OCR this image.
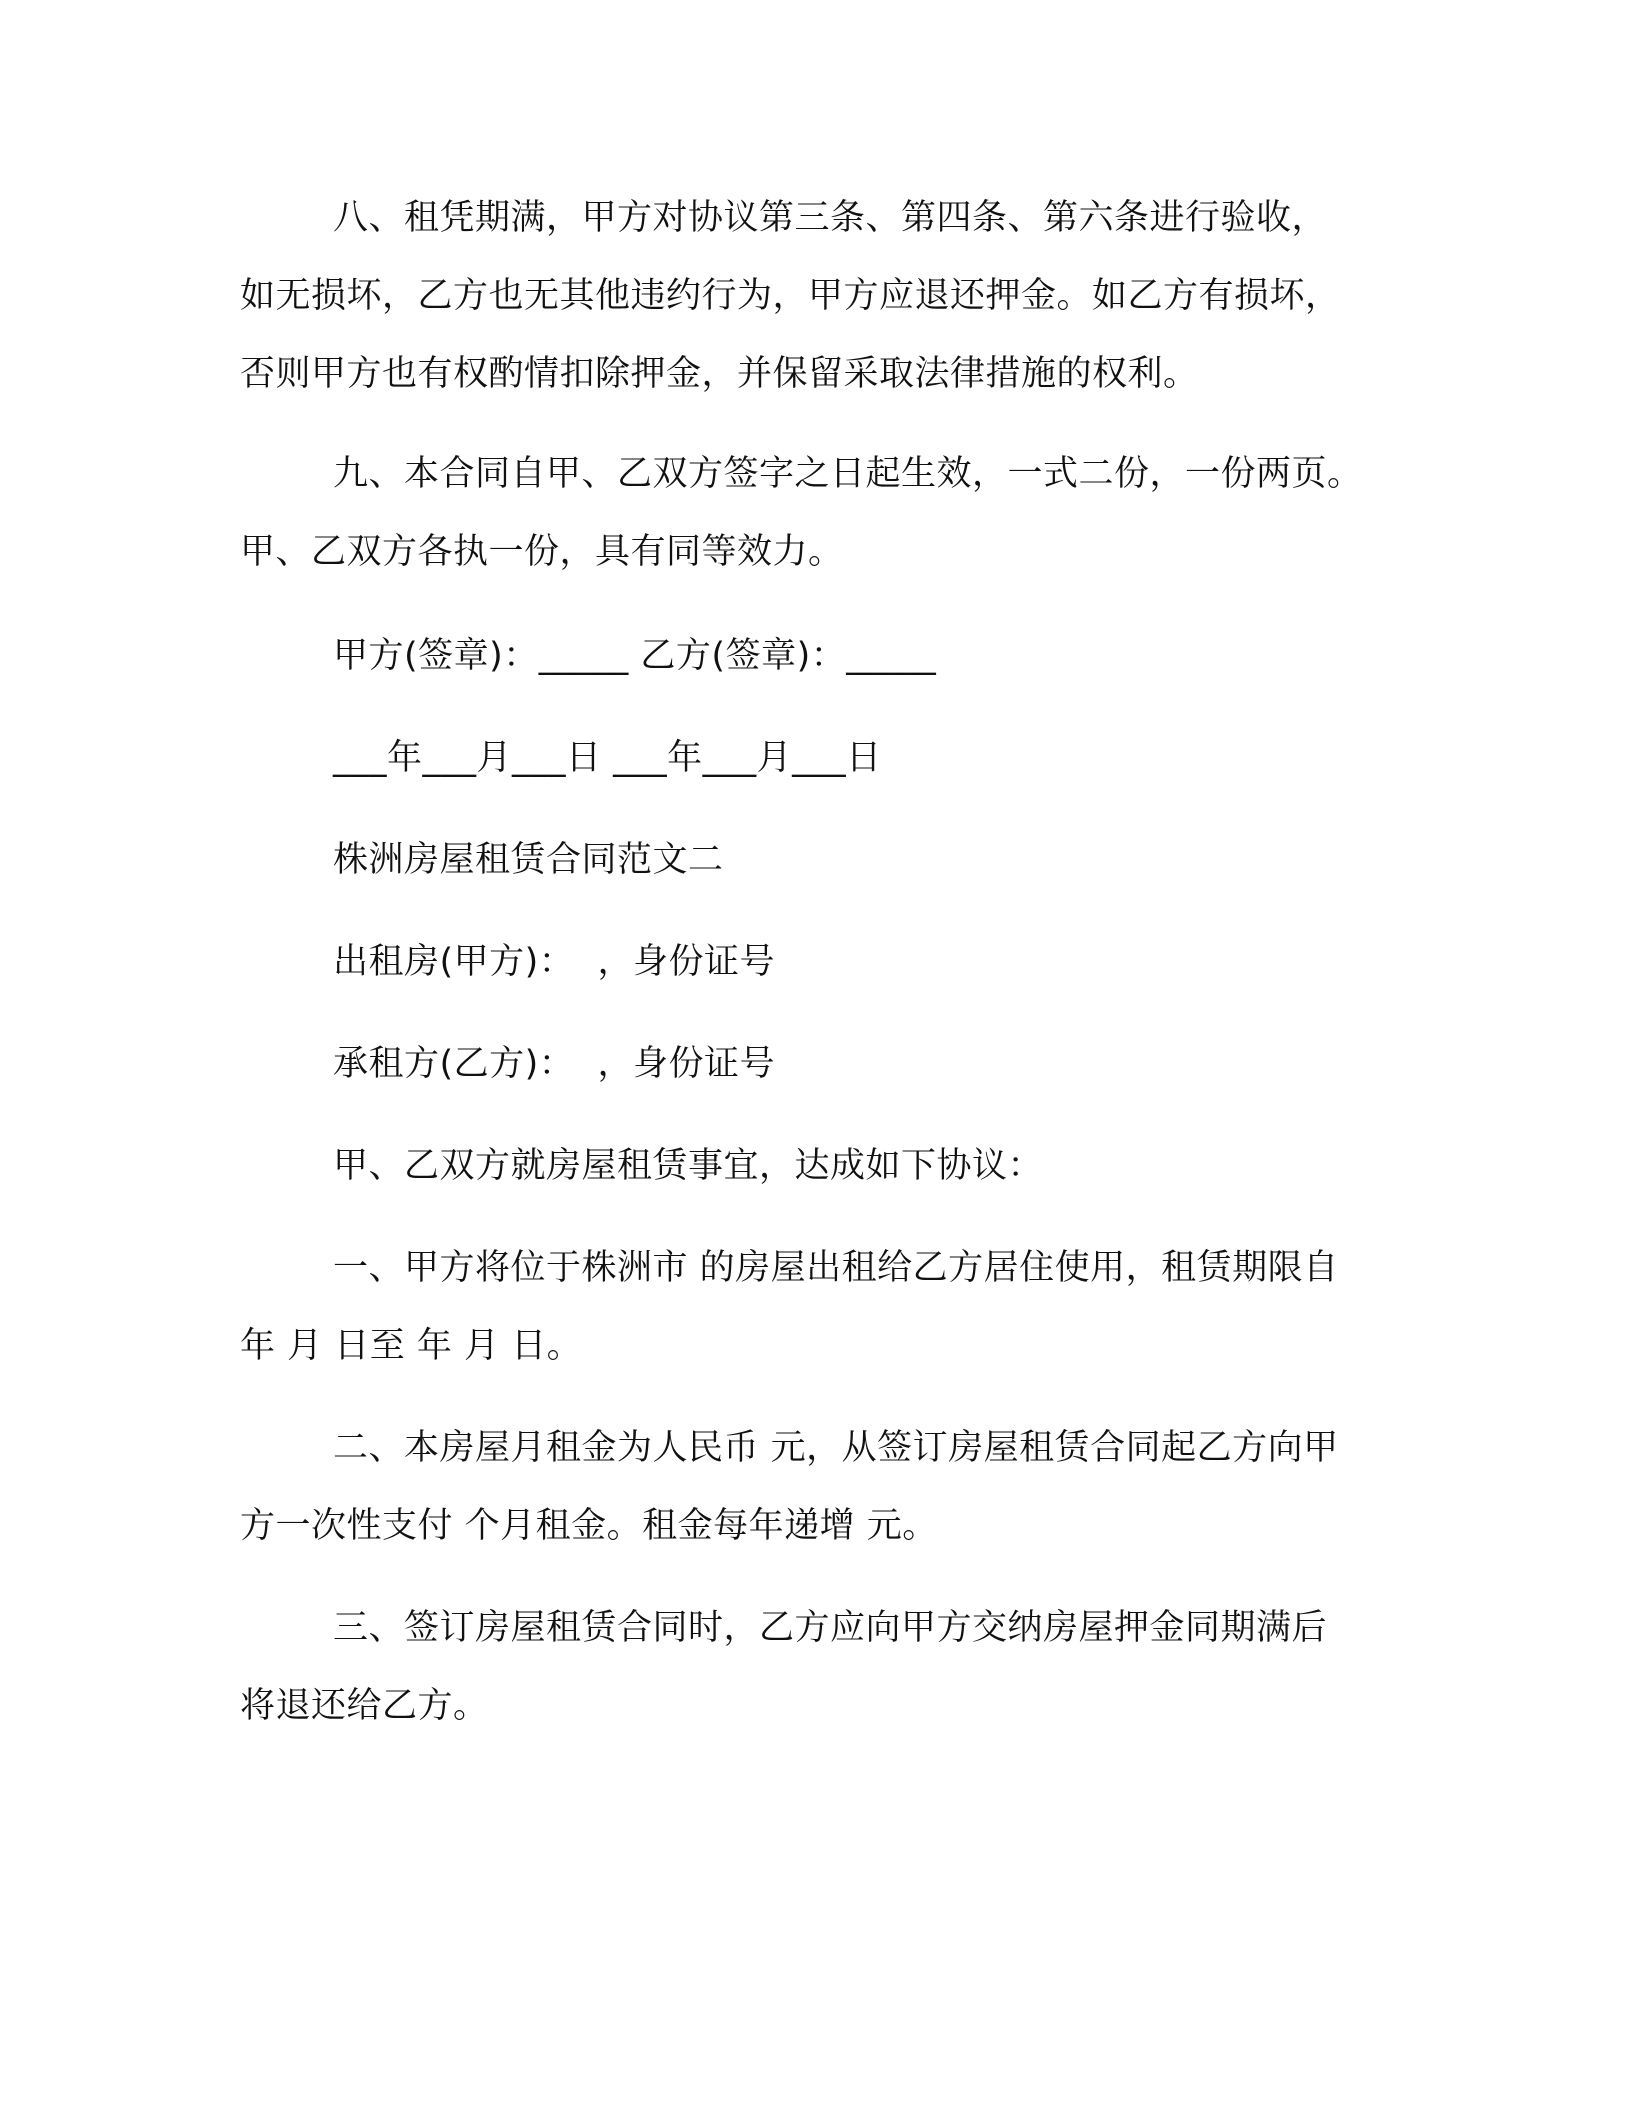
八、租凭期满，甲方对协议第三条、第四条、第六条进行验收，
如无损坏，乙方也无其他违约行为，甲方应退还押金。如乙方有损坏，
否则甲方也有权酌情扣除押金，并保留采取法律措施的权利。
九、本合同自甲、乙双方签字之日起生效，一式二份，一份两页。
甲、乙双方各执一份，具有同等效力。
甲方(签章)：_____ 乙方(签章)：_____
___年___月___日 ___年___月___日
株洲房屋租赁合同范文二
出租房(甲方)：  ，身份证号
承租方(乙方)：  ，身份证号
甲、乙双方就房屋租赁事宜，达成如下协议：
一、甲方将位于株洲市 的房屋出租给乙方居住使用，租赁期限自
年 月 日至 年 月 日。
二、本房屋月租金为人民币 元，从签订房屋租赁合同起乙方向甲
方一次性支付 个月租金。租金每年递增 元。
三、签订房屋租赁合同时，乙方应向甲方交纳房屋押金同期满后
将退还给乙方。
